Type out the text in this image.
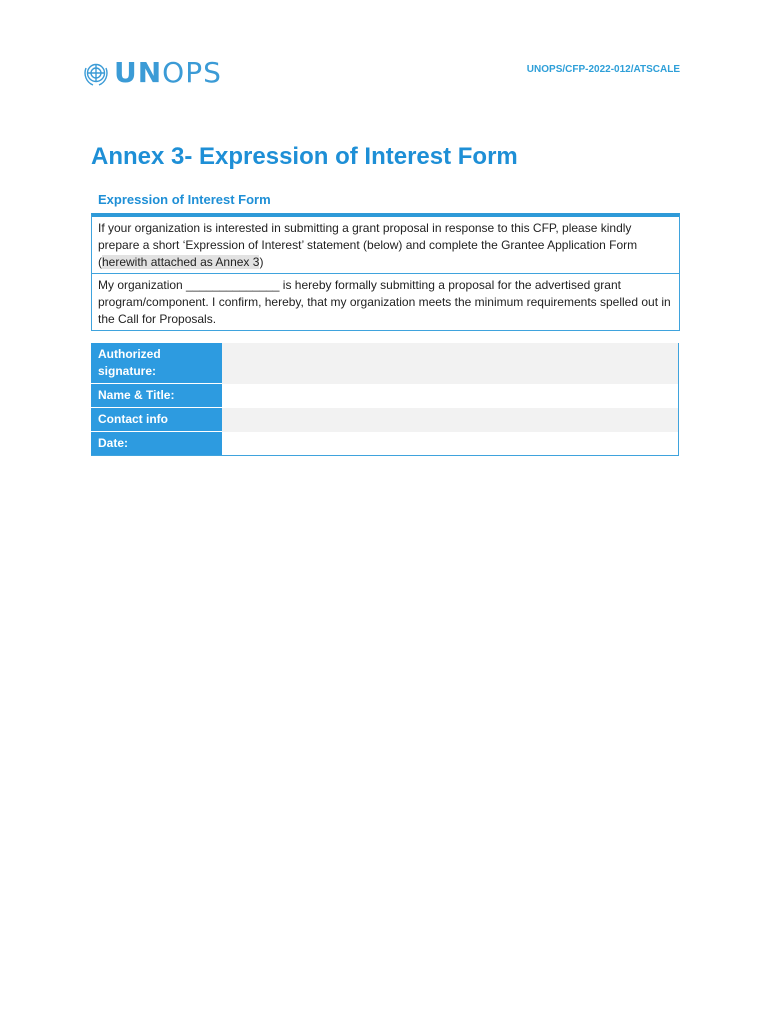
UNOPS	UNOPS/CFP-2022-012/ATSCALE
Annex 3- Expression of Interest Form
Expression of Interest Form
If your organization is interested in submitting a grant proposal in response to this CFP, please kindly prepare a short ‘Expression of Interest’ statement (below) and complete the Grantee Application Form (herewith attached as Annex 3)
My organization ______________ is hereby formally submitting a proposal for the advertised grant program/component. I confirm, hereby, that my organization meets the minimum requirements spelled out in the Call for Proposals.
Authorized signature:	
Name & Title:	
Contact info	
Date:	
